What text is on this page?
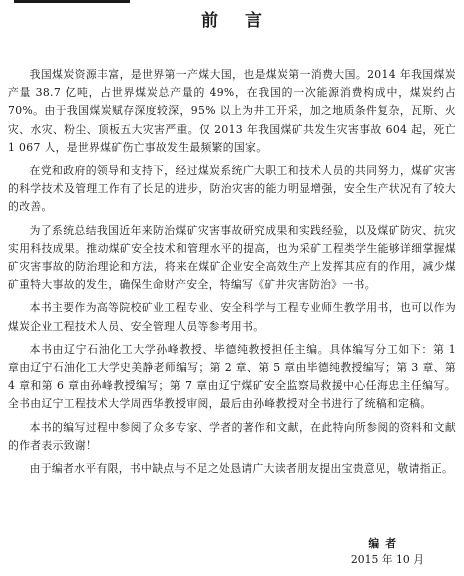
前 言

我国煤炭资源丰富，是世界第一产煤大国，也是煤炭第一消费大国。2014 年我国煤炭产量 38.7 亿吨，占世界煤炭总产量的 49%，在我国的一次能源消费构成中，煤炭约占 70%。由于我国煤炭赋存深度较深，95% 以上为井工开采，加之地质条件复杂，瓦斯、火灾、水灾、粉尘、顶板五大灾害严重。仅 2013 年我国煤矿共发生灾害事故 604 起，死亡 1 067 人，是世界煤矿伤亡事故发生最频繁的国家。

在党和政府的领导和支持下，经过煤炭系统广大职工和技术人员的共同努力，煤矿灾害的科学技术及管理工作有了长足的进步，防治灾害的能力明显增强，安全生产状况有了较大的改善。

为了系统总结我国近年来防治煤矿灾害事故研究成果和实践经验，以及煤矿防灾、抗灾实用科技成果。推动煤矿安全技术和管理水平的提高，也为采矿工程类学生能够详细掌握煤矿灾害事故的防治理论和方法，将来在煤矿企业安全高效生产上发挥其应有的作用，减少煤矿重特大事故的发生，确保生命财产安全，特编写《矿井灾害防治》一书。

本书主要作为高等院校矿业工程专业、安全科学与工程专业师生教学用书，也可以作为煤炭企业工程技术人员、安全管理人员等参考用书。

本书由辽宁石油化工大学孙峰教授、毕德纯教授担任主编。具体编写分工如下：第 1 章由辽宁石油化工大学史美静老师编写；第 2 章、第 5 章由毕德纯教授编写；第 3 章、第 4 章和第 6 章由孙峰教授编写；第 7 章由辽宁煤矿安全监察局救援中心任海忠主任编写。全书由辽宁工程技术大学周西华教授审阅，最后由孙峰教授对全书进行了统稿和定稿。

本书的编写过程中参阅了众多专家、学者的著作和文献，在此特向所参阅的资料和文献的作者表示致谢！

由于编者水平有限，书中缺点与不足之处恳请广大读者朋友提出宝贵意见，敬请指正。

编者
2015 年 10 月
